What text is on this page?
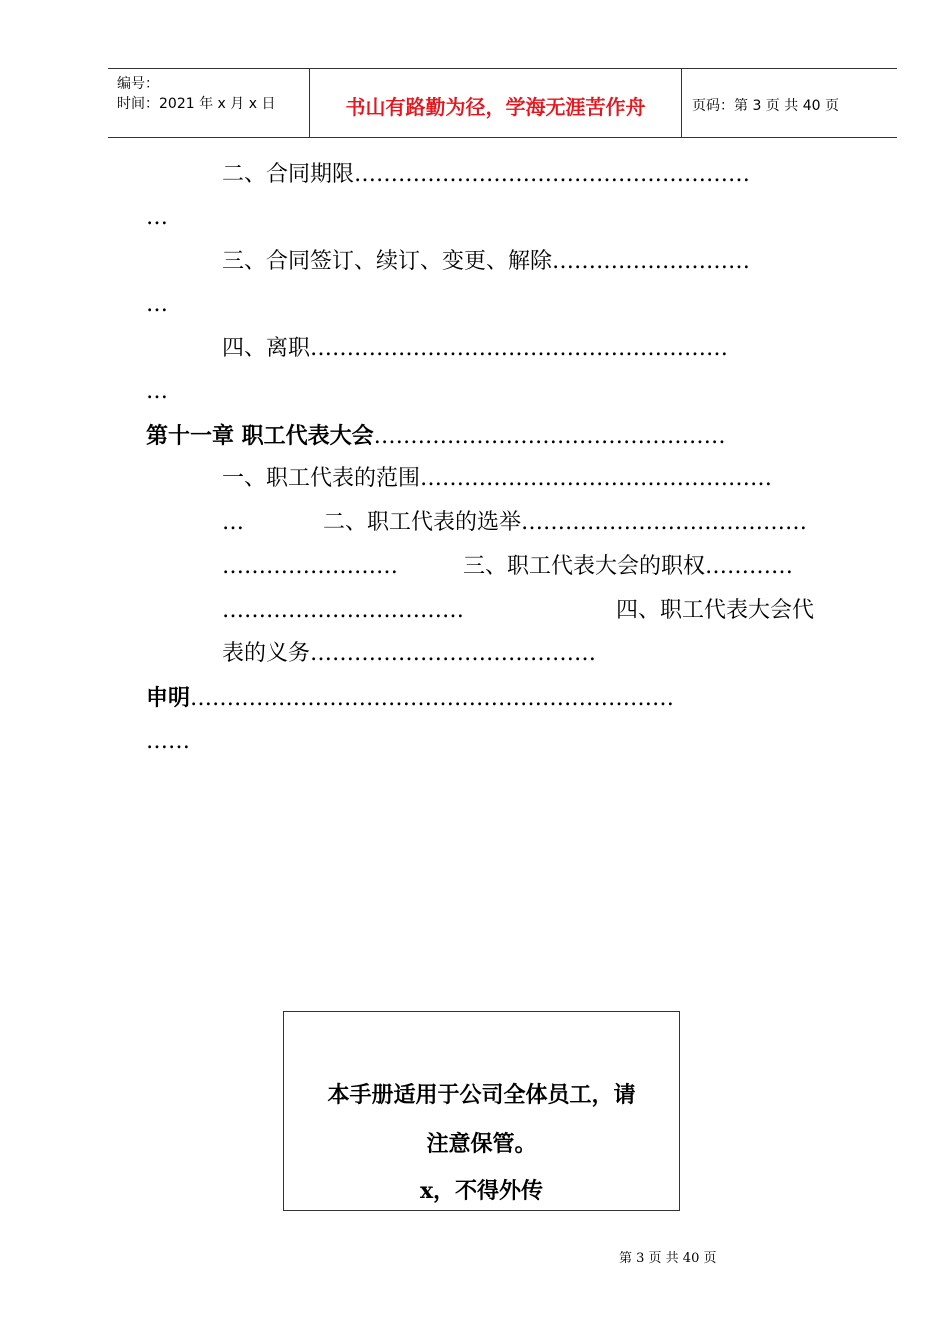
编号：
时间：2021 年 x 月 x 日	书山有路勤为径，学海无涯苦作舟	页码：第 3 页 共 40 页
二、合同期限………………………………………………
…
三、合同签订、续订、变更、解除………………………
…
四、离职…………………………………………………
…
第十一章 职工代表大会…………………………………………
一、职工代表的范围…………………………………………
…	二、职工代表的选举…………………………………
……………………	三、职工代表大会的职权…………
……………………………	四、职工代表大会代
表的义务…………………………………
申明…………………………………………………………
……
本手册适用于公司全体员工，请
注意保管。
x，不得外传
第 3 页 共 40 页
